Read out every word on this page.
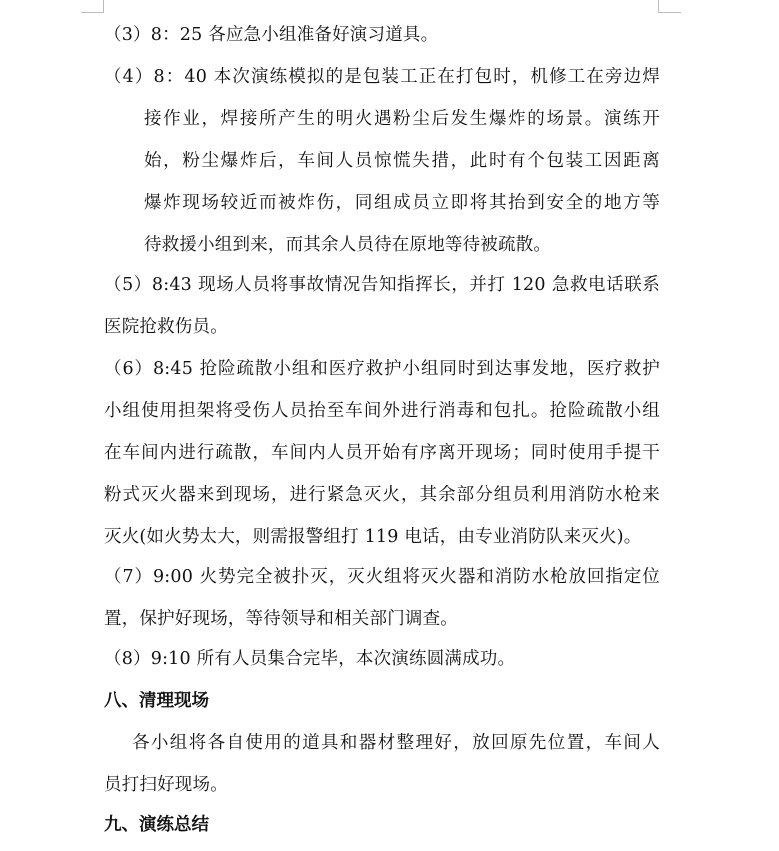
（3）8：25 各应急小组准备好演习道具。
（4）8：40 本次演练模拟的是包装工正在打包时，机修工在旁边焊
接作业，焊接所产生的明火遇粉尘后发生爆炸的场景。演练开
始，粉尘爆炸后，车间人员惊慌失措，此时有个包装工因距离
爆炸现场较近而被炸伤，同组成员立即将其抬到安全的地方等
待救援小组到来，而其余人员待在原地等待被疏散。
（5）8:43 现场人员将事故情况告知指挥长，并打 120 急救电话联系
医院抢救伤员。
（6）8:45 抢险疏散小组和医疗救护小组同时到达事发地，医疗救护
小组使用担架将受伤人员抬至车间外进行消毒和包扎。抢险疏散小组
在车间内进行疏散，车间内人员开始有序离开现场；同时使用手提干
粉式灭火器来到现场，进行紧急灭火，其余部分组员利用消防水枪来
灭火(如火势太大，则需报警组打 119 电话，由专业消防队来灭火)。
（7）9:00 火势完全被扑灭，灭火组将灭火器和消防水枪放回指定位
置，保护好现场，等待领导和相关部门调查。
（8）9:10 所有人员集合完毕，本次演练圆满成功。
八、清理现场
各小组将各自使用的道具和器材整理好，放回原先位置，车间人
员打扫好现场。
九、演练总结
